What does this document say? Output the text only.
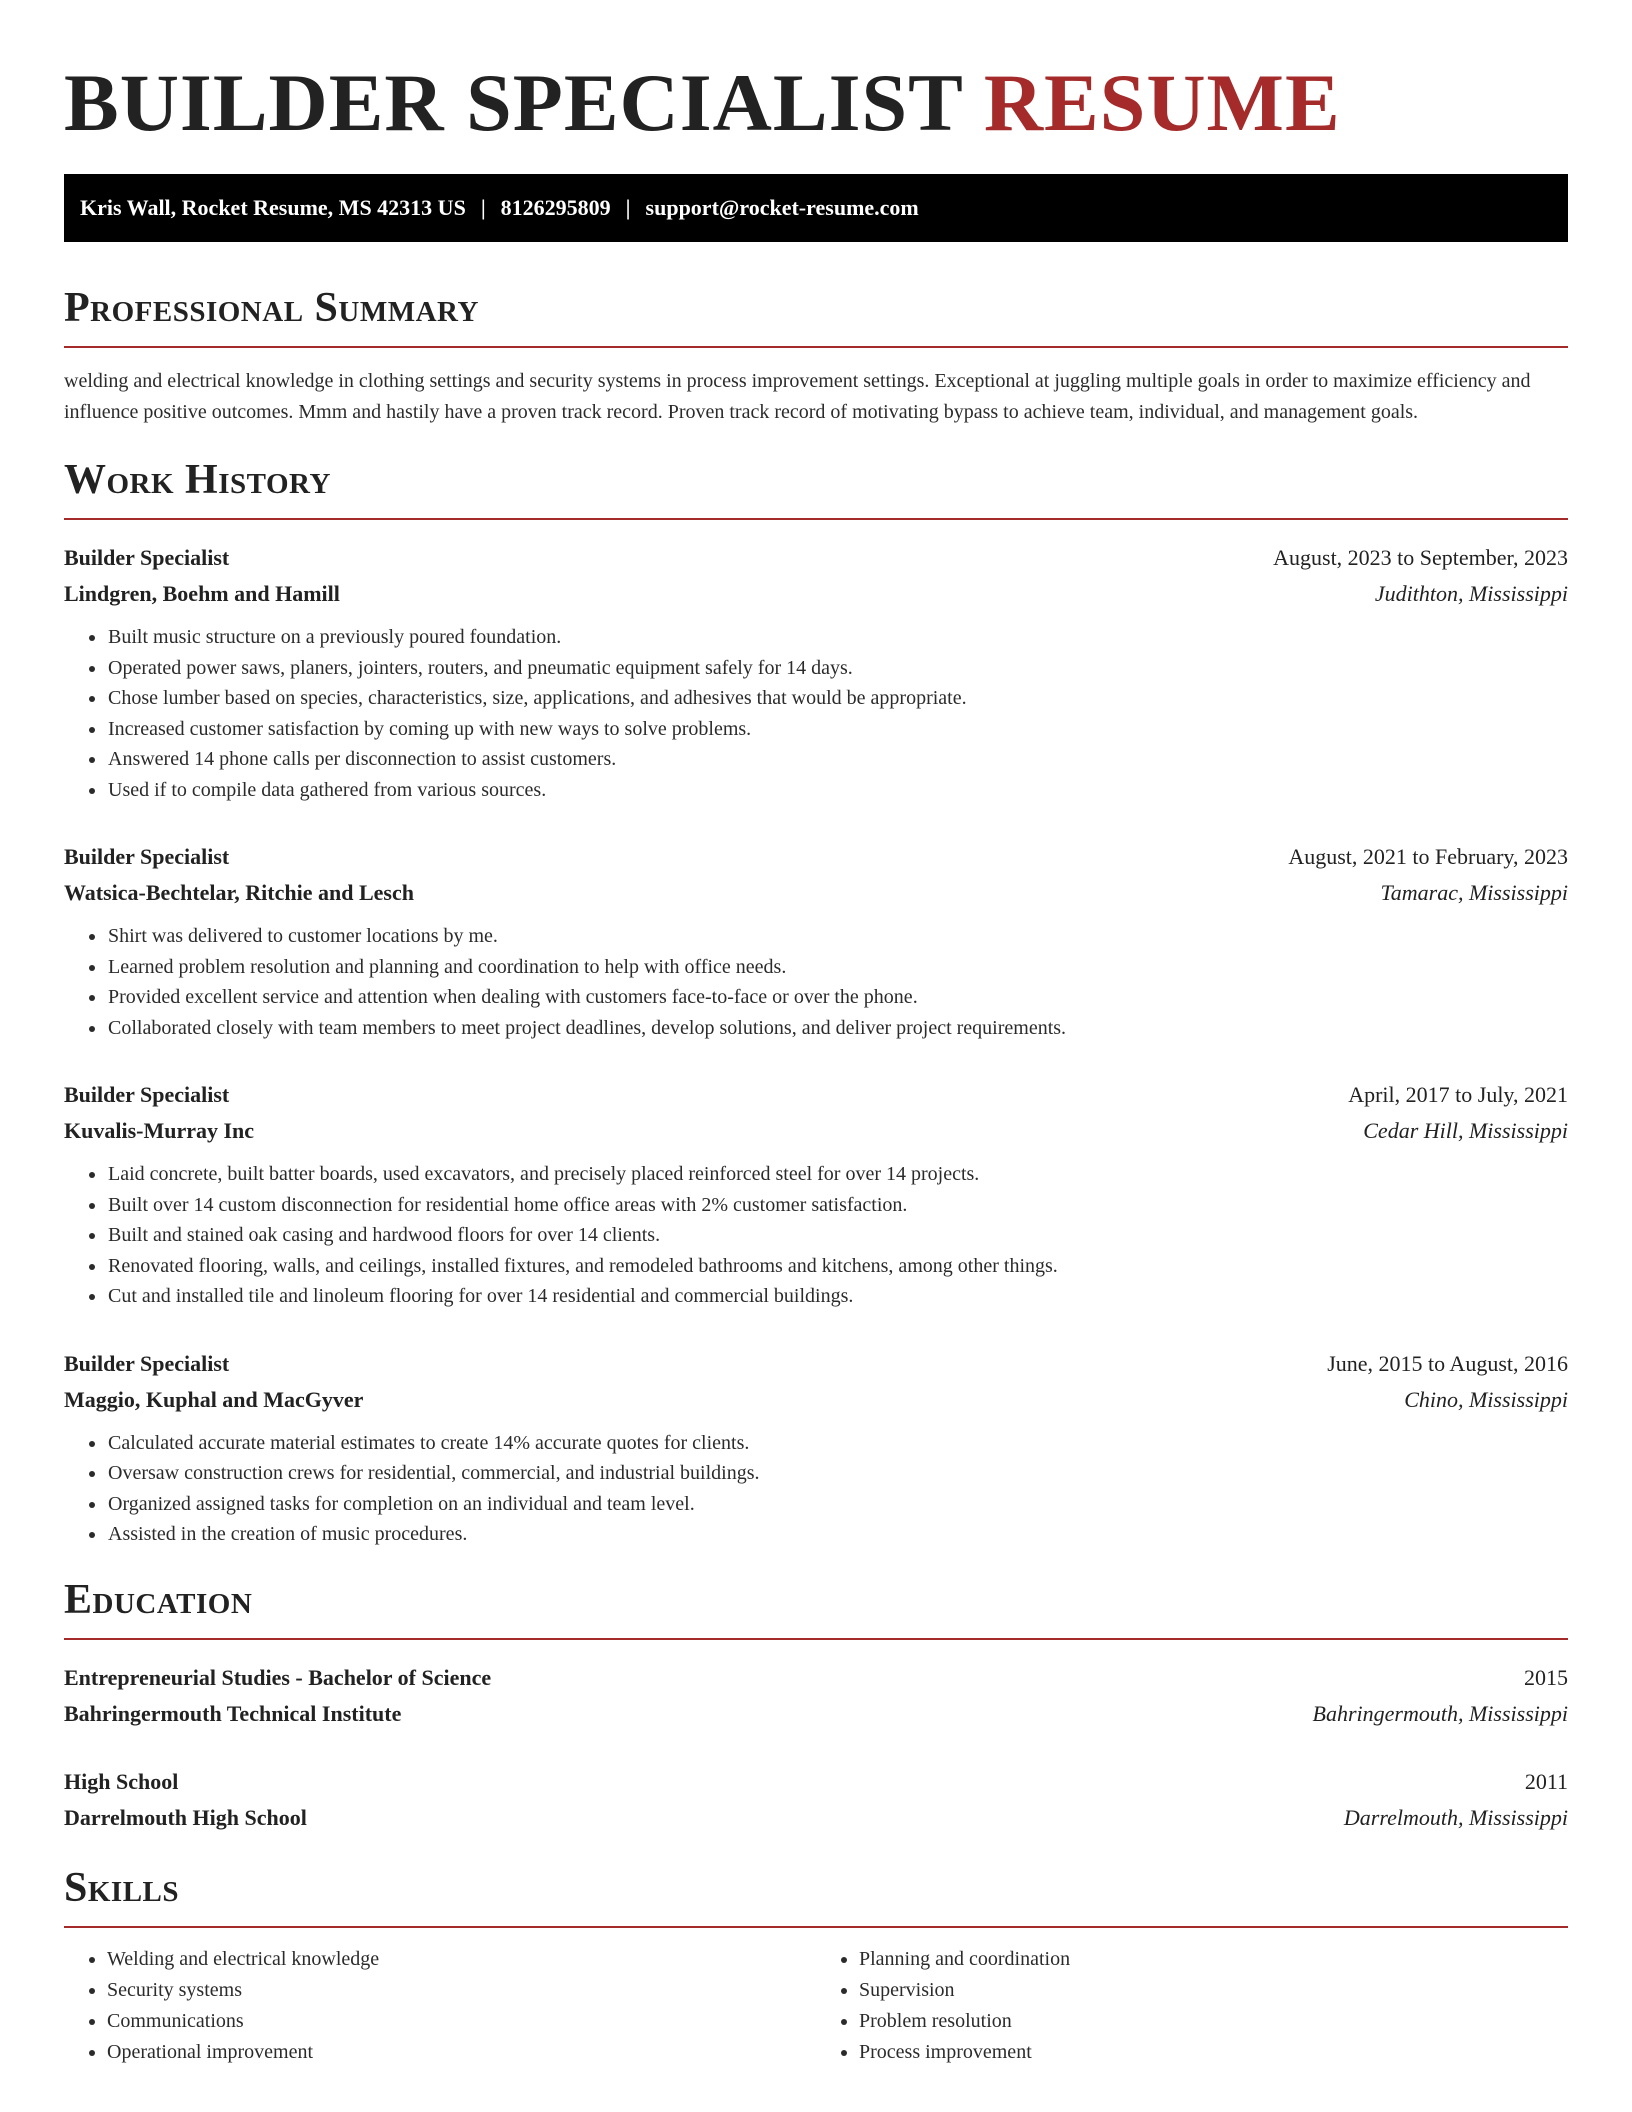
BUILDER SPECIALIST RESUME
Kris Wall, Rocket Resume, MS 42313 US | 8126295809 | support@rocket-resume.com
Professional Summary

welding and electrical knowledge in clothing settings and security systems in process improvement settings. Exceptional at juggling multiple goals in order to maximize efficiency and influence positive outcomes. Mmm and hastily have a proven track record. Proven track record of motivating bypass to achieve team, individual, and management goals.

Work History
Builder Specialist	August, 2023 to September, 2023
Lindgren, Boehm and Hamill	Judithton, Mississippi
• Built music structure on a previously poured foundation.
• Operated power saws, planers, jointers, routers, and pneumatic equipment safely for 14 days.
• Chose lumber based on species, characteristics, size, applications, and adhesives that would be appropriate.
• Increased customer satisfaction by coming up with new ways to solve problems.
• Answered 14 phone calls per disconnection to assist customers.
• Used if to compile data gathered from various sources.
Builder Specialist	August, 2021 to February, 2023
Watsica-Bechtelar, Ritchie and Lesch	Tamarac, Mississippi
• Shirt was delivered to customer locations by me.
• Learned problem resolution and planning and coordination to help with office needs.
• Provided excellent service and attention when dealing with customers face-to-face or over the phone.
• Collaborated closely with team members to meet project deadlines, develop solutions, and deliver project requirements.
Builder Specialist	April, 2017 to July, 2021
Kuvalis-Murray Inc	Cedar Hill, Mississippi
• Laid concrete, built batter boards, used excavators, and precisely placed reinforced steel for over 14 projects.
• Built over 14 custom disconnection for residential home office areas with 2% customer satisfaction.
• Built and stained oak casing and hardwood floors for over 14 clients.
• Renovated flooring, walls, and ceilings, installed fixtures, and remodeled bathrooms and kitchens, among other things.
• Cut and installed tile and linoleum flooring for over 14 residential and commercial buildings.
Builder Specialist	June, 2015 to August, 2016
Maggio, Kuphal and MacGyver	Chino, Mississippi
• Calculated accurate material estimates to create 14% accurate quotes for clients.
• Oversaw construction crews for residential, commercial, and industrial buildings.
• Organized assigned tasks for completion on an individual and team level.
• Assisted in the creation of music procedures.
Education
Entrepreneurial Studies - Bachelor of Science	2015
Bahringermouth Technical Institute	Bahringermouth, Mississippi
High School	2011
Darrelmouth High School	Darrelmouth, Mississippi
Skills
• Welding and electrical knowledge
• Security systems
• Communications
• Operational improvement
• Planning and coordination
• Supervision
• Problem resolution
• Process improvement
